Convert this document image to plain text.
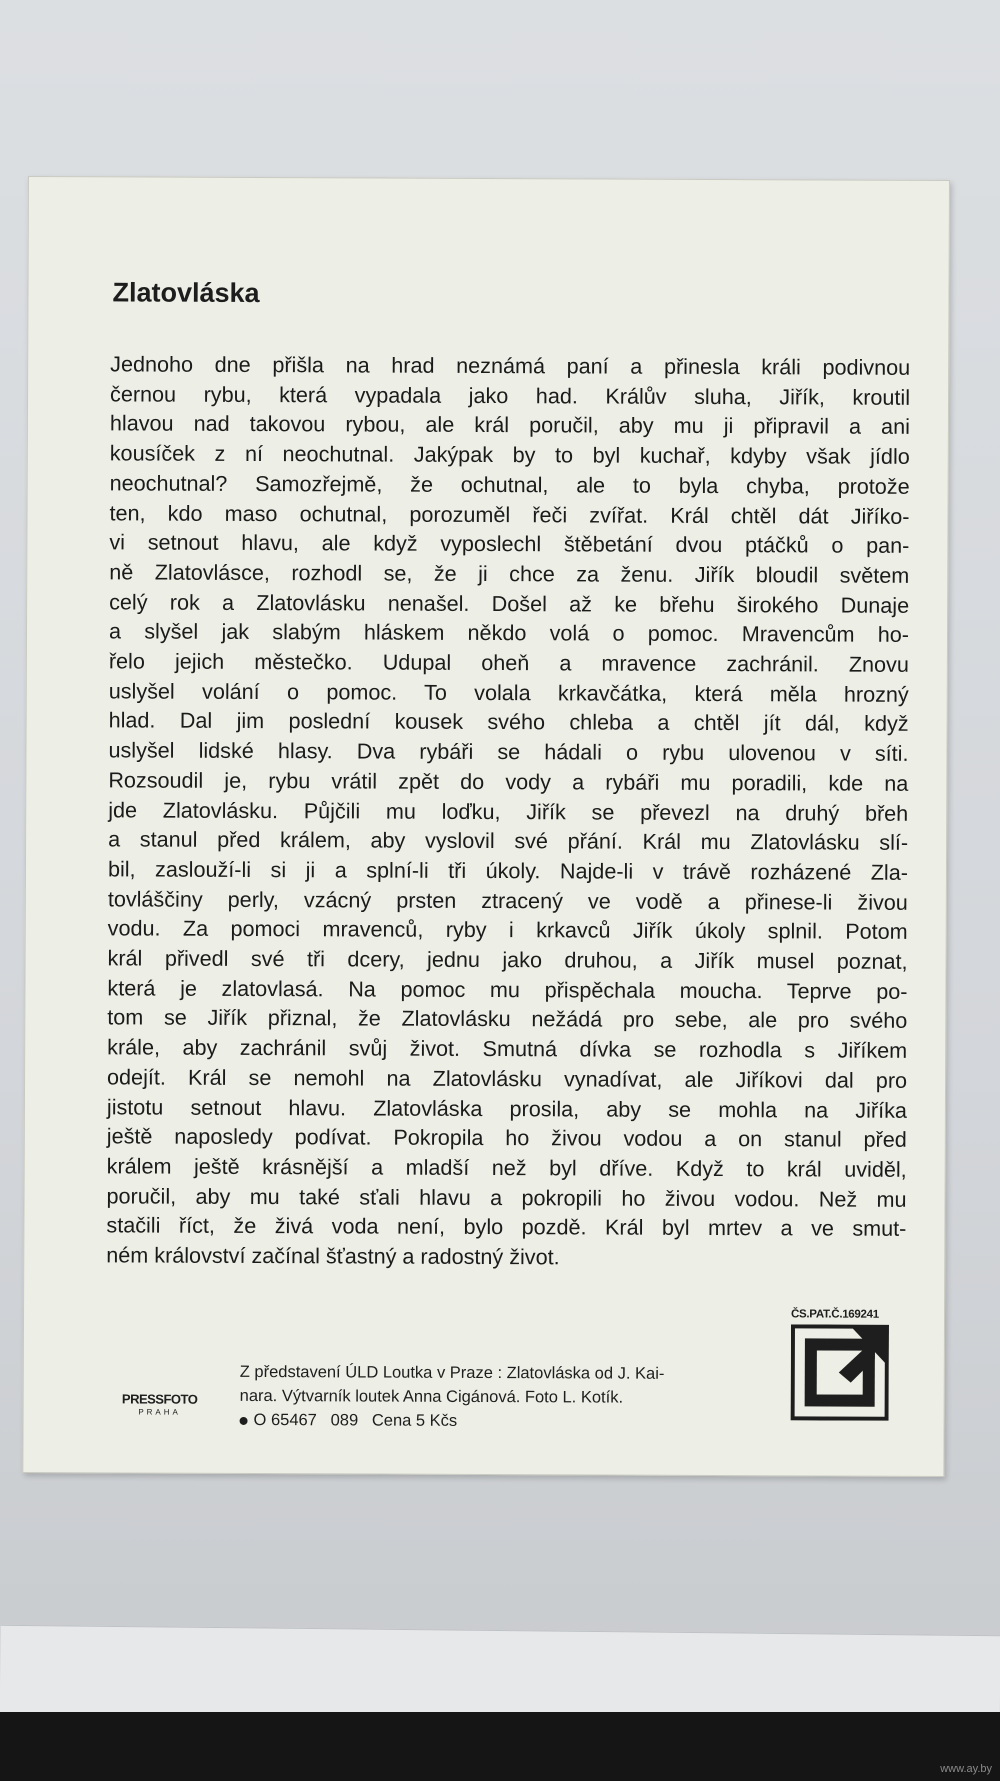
Zlatovláska
Jednoho dne přišla na hrad neznámá paní a přinesla králi podivnou
černou rybu, která vypadala jako had. Králův sluha, Jiřík, kroutil
hlavou nad takovou rybou, ale král poručil, aby mu ji připravil a ani
kousíček z ní neochutnal. Jakýpak by to byl kuchař, kdyby však jídlo
neochutnal? Samozřejmě, že ochutnal, ale to byla chyba, protože
ten, kdo maso ochutnal, porozuměl řeči zvířat. Král chtěl dát Jiříko-
vi setnout hlavu, ale když vyposlechl štěbetání dvou ptáčků o pan-
ně Zlatovlásce, rozhodl se, že ji chce za ženu. Jiřík bloudil světem
celý rok a Zlatovlásku nenašel. Došel až ke břehu širokého Dunaje
a slyšel jak slabým hláskem někdo volá o pomoc. Mravencům ho-
řelo jejich městečko. Udupal oheň a mravence zachránil. Znovu
uslyšel volání o pomoc. To volala krkavčátka, která měla hrozný
hlad. Dal jim poslední kousek svého chleba a chtěl jít dál, když
uslyšel lidské hlasy. Dva rybáři se hádali o rybu ulovenou v síti.
Rozsoudil je, rybu vrátil zpět do vody a rybáři mu poradili, kde na
jde Zlatovlásku. Půjčili mu loďku, Jiřík se převezl na druhý břeh
a stanul před králem, aby vyslovil své přání. Král mu Zlatovlásku slí-
bil, zaslouží-li si ji a splní-li tři úkoly. Najde-li v trávě rozházené Zla-
tovláščiny perly, vzácný prsten ztracený ve vodě a přinese-li živou
vodu. Za pomoci mravenců, ryby i krkavců Jiřík úkoly splnil. Potom
král přivedl své tři dcery, jednu jako druhou, a Jiřík musel poznat,
která je zlatovlasá. Na pomoc mu přispěchala moucha. Teprve po-
tom se Jiřík přiznal, že Zlatovlásku nežádá pro sebe, ale pro svého
krále, aby zachránil svůj život. Smutná dívka se rozhodla s Jiříkem
odejít. Král se nemohl na Zlatovlásku vynadívat, ale Jiříkovi dal pro
jistotu setnout hlavu. Zlatovláska prosila, aby se mohla na Jiříka
ještě naposledy podívat. Pokropila ho živou vodou a on stanul před
králem ještě krásnější a mladší než byl dříve. Když to král uviděl,
poručil, aby mu také sťali hlavu a pokropili ho živou vodou. Než mu
stačili říct, že živá voda není, bylo pozdě. Král byl mrtev a ve smut-
ném království začínal šťastný a radostný život.
PRESSFOTO
PRAHA
Z představení ÚLD Loutka v Praze : Zlatovláska od J. Kai-
nara. Výtvarník loutek Anna Cigánová. Foto L. Kotík.
O 65467   089   Cena 5 Kčs
ČS.PAT.Č.169241
www.ay.by
